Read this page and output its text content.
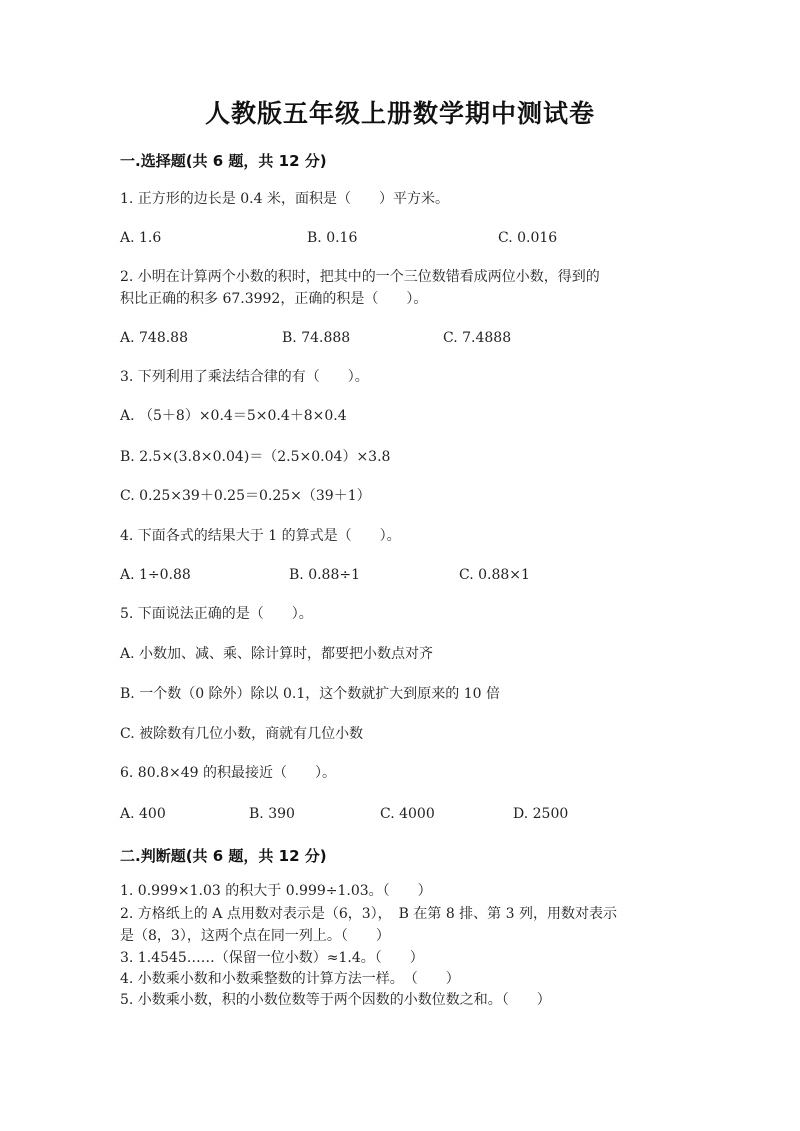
人教版五年级上册数学期中测试卷
一.选择题(共 6 题，共 12 分)
1. 正方形的边长是 0.4 米，面积是（　　）平方米。
A. 1.6	B. 0.16	C. 0.016
2. 小明在计算两个小数的积时，把其中的一个三位数错看成两位小数，得到的
积比正确的积多 67.3992，正确的积是（　　）。
A. 748.88	B. 74.888	C. 7.4888
3. 下列利用了乘法结合律的有（　　）。
A. （5＋8）×0.4＝5×0.4＋8×0.4
B. 2.5×(3.8×0.04)＝（2.5×0.04）×3.8
C. 0.25×39＋0.25＝0.25×（39＋1）
4. 下面各式的结果大于 1 的算式是（　　）。
A. 1÷0.88	B. 0.88÷1	C. 0.88×1
5. 下面说法正确的是（　　）。
A. 小数加、减、乘、除计算时，都要把小数点对齐
B. 一个数（0 除外）除以 0.1，这个数就扩大到原来的 10 倍
C. 被除数有几位小数，商就有几位小数
6. 80.8×49 的积最接近（　　）。
A. 400	B. 390	C. 4000	D. 2500
二.判断题(共 6 题，共 12 分)
1. 0.999×1.03 的积大于 0.999÷1.03。（　　）
2. 方格纸上的 A 点用数对表示是（6，3），　B 在第 8 排、第 3 列，用数对表示
是（8，3），这两个点在同一列上。（　　）
3. 1.4545……（保留一位小数）≈1.4。（　　）
4. 小数乘小数和小数乘整数的计算方法一样。　（　　）
5. 小数乘小数，积的小数位数等于两个因数的小数位数之和。（　　）
